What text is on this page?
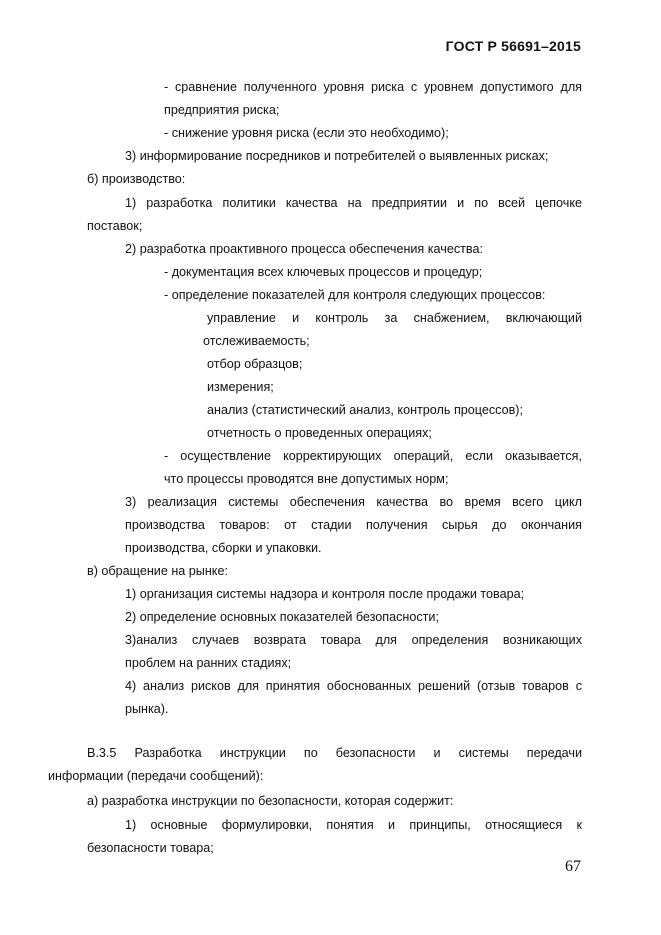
ГОСТ Р 56691–2015
- сравнение полученного уровня риска с уровнем допустимого для
предприятия риска;
- снижение уровня риска (если это необходимо);
3) информирование посредников и потребителей о выявленных рисках;
б) производство:
1) разработка политики качества на предприятии и по всей цепочке
поставок;
2) разработка проактивного процесса обеспечения качества:
- документация всех ключевых процессов и процедур;
- определение показателей для контроля следующих процессов:
управление и контроль за снабжением, включающий
отслеживаемость;
отбор образцов;
измерения;
анализ (статистический анализ, контроль процессов);
отчетность о проведенных операциях;
- осуществление корректирующих операций, если оказывается,
что процессы проводятся вне допустимых норм;
3) реализация системы обеспечения качества во время всего цикл
производства товаров: от стадии получения сырья до окончания
производства, сборки и упаковки.
в) обращение на рынке:
1) организация системы надзора и контроля после продажи товара;
2) определение основных показателей безопасности;
3)анализ случаев возврата товара для определения возникающих
проблем на ранних стадиях;
4) анализ рисков для принятия обоснованных решений (отзыв товаров с
рынка).
В.3.5 Разработка инструкции по безопасности и системы передачи
информации (передачи сообщений):
а) разработка инструкции по безопасности, которая содержит:
1) основные формулировки, понятия и принципы, относящиеся к
безопасности товара;
67
